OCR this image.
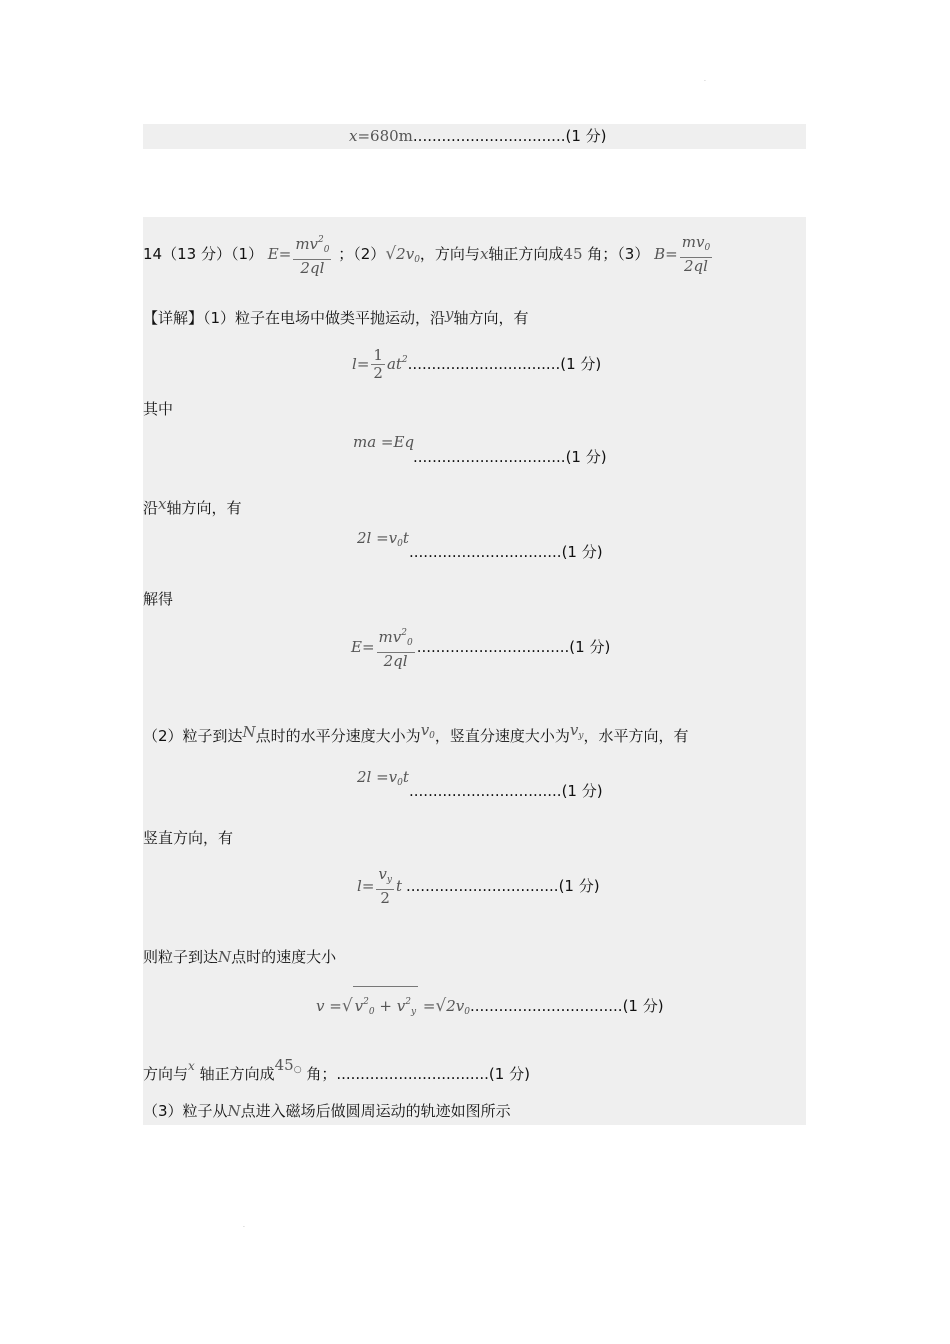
.
.
x=680m................................(1 分)
14（13 分）（1） $E= \frac{mv^2_0}{2ql}$ ；$(2)√2v_0$，方向与x轴正方向成45 角；（3） $B= \frac{mv_0}{2ql}$
【详解】（1）粒子在电场中做类平抛运动，沿y轴方向，有
$l= \frac{1}{2} at^2................................(1$ 分)
其中
ma =Eq
................................(1 分)
沿x轴方向，有
$2l =v_0t$
................................(1 分)
解得
$E= \frac{mv^2_0}{2ql} ................................(1$ 分)
（2）粒子到达N点时的水平分速度大小为$v_0$，竖直分速度大小为$v_y$，水平方向，有
$2l =v_0t$
................................(1 分)
竖直方向，有
$l= \frac{v_y}{2}$ t ................................(1 分)
则粒子到达N点时的速度大小
v =√ $v^2_0 + v^2_y =√2v_0................................(1$ 分)
方向与$^x$ 轴正方向成45○ 角；................................(1 分)
（3）粒子从N点进入磁场后做圆周运动的轨迹如图所示
